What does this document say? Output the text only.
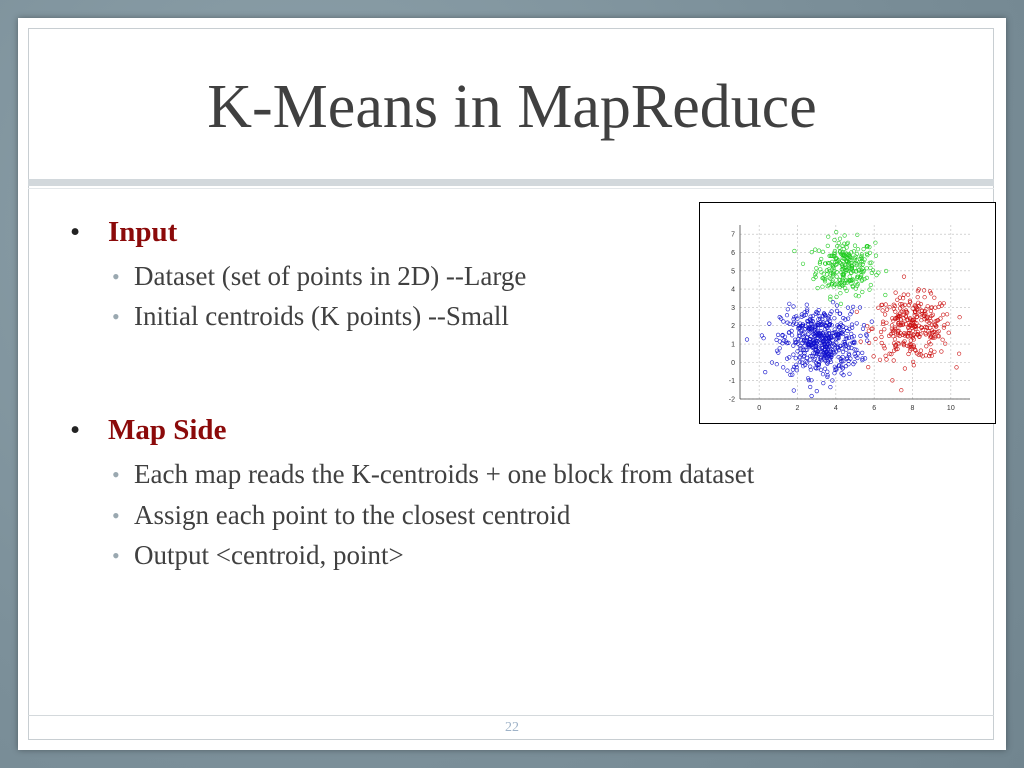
K-Means in MapReduce
• Input
• Dataset (set of points in 2D) --Large
• Initial centroids (K points) --Small
• Map Side
• Each map reads the K-centroids + one block from dataset
• Assign each point to the closest centroid
• Output <centroid, point>
0	2	4	6	8	10
-2
-1
0
1
2
3
4
5
6
7
22
